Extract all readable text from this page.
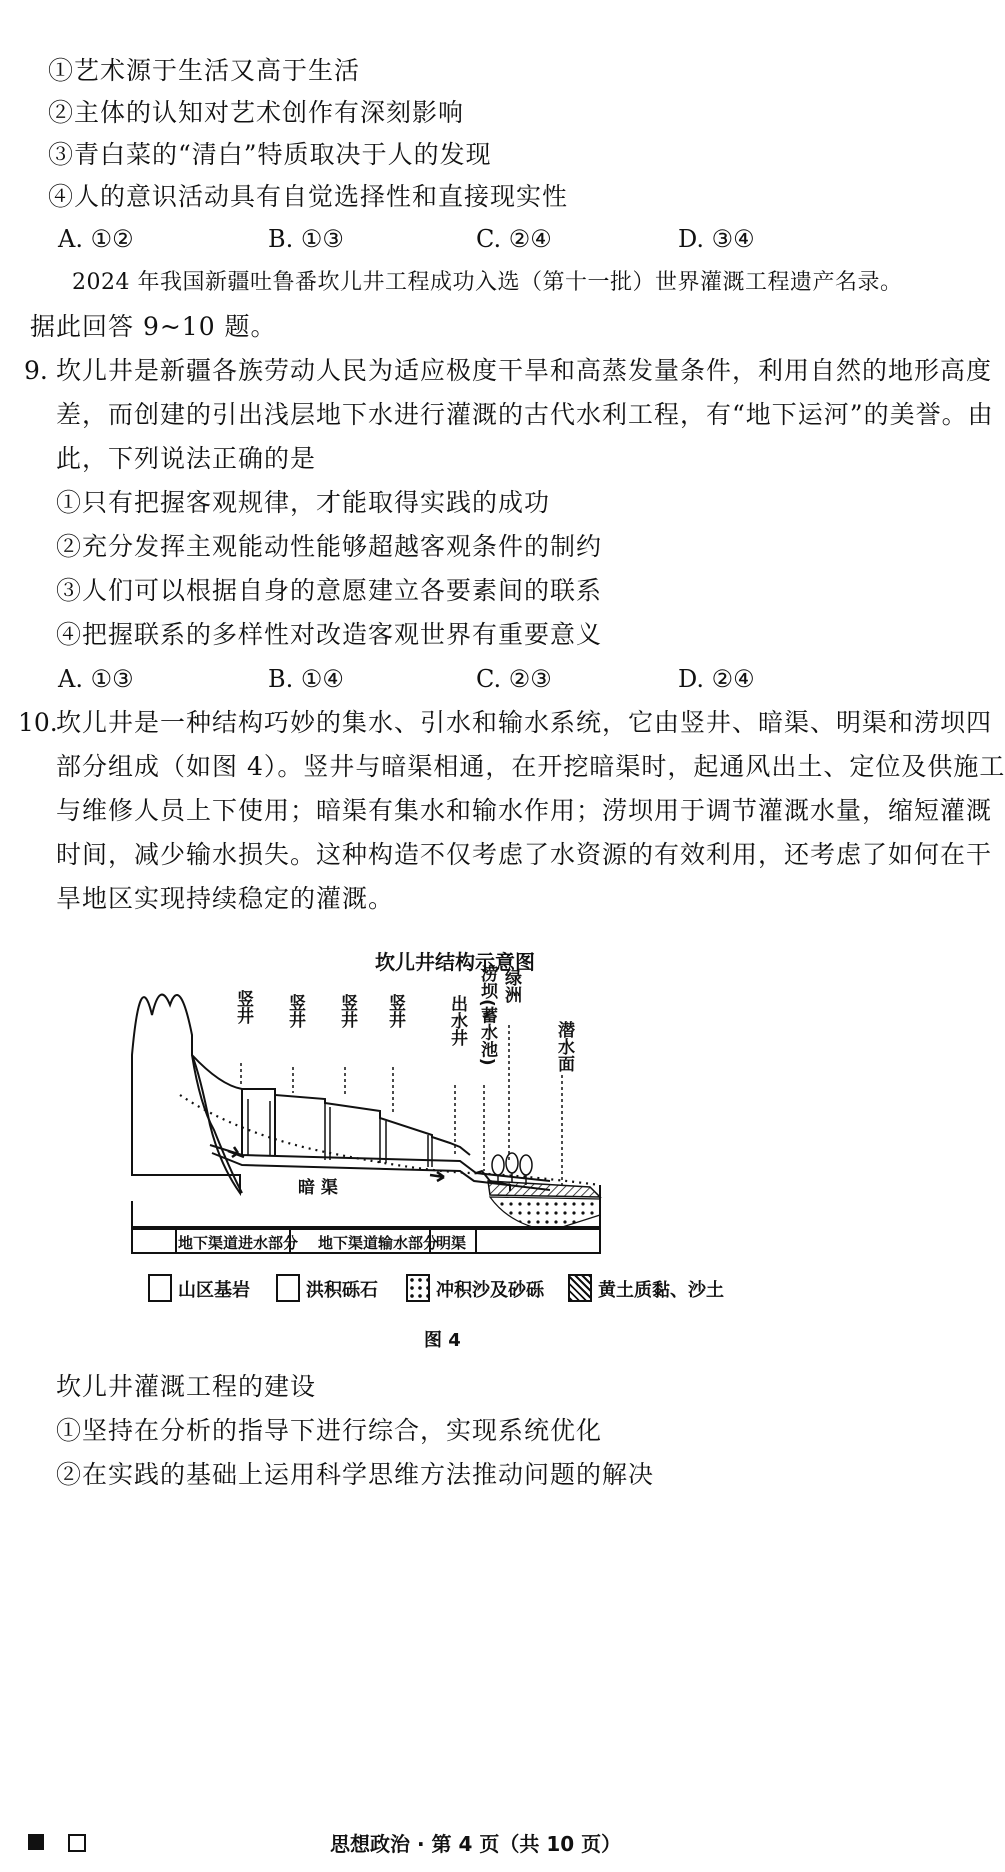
①艺术源于生活又高于生活
②主体的认知对艺术创作有深刻影响
③青白菜的“清白”特质取决于人的发现
④人的意识活动具有自觉选择性和直接现实性
A. ①②	B. ①③	C. ②④	D. ③④
2024 年我国新疆吐鲁番坎儿井工程成功入选（第十一批）世界灌溉工程遗产名录。
据此回答 9~10 题。
9. 坎儿井是新疆各族劳动人民为适应极度干旱和高蒸发量条件，利用自然的地形高度
差，而创建的引出浅层地下水进行灌溉的古代水利工程，有“地下运河”的美誉。由
此，下列说法正确的是
①只有把握客观规律，才能取得实践的成功
②充分发挥主观能动性能够超越客观条件的制约
③人们可以根据自身的意愿建立各要素间的联系
④把握联系的多样性对改造客观世界有重要意义
A. ①③	B. ①④	C. ②③	D. ②④
10.
坎儿井是一种结构巧妙的集水、引水和输水系统，它由竖井、暗渠、明渠和涝坝四
部分组成（如图 4）。竖井与暗渠相通，在开挖暗渠时，起通风出土、定位及供施工
与维修人员上下使用；暗渠有集水和输水作用；涝坝用于调节灌溉水量，缩短灌溉
时间，减少输水损失。这种构造不仅考虑了水资源的有效利用，还考虑了如何在干
旱地区实现持续稳定的灌溉。
坎儿井结构示意图
竖井 竖井 竖井 竖井 出水井 涝坝(蓄水池) 绿洲
潜水面
暗 渠
地下渠道进水部分 地下渠道输水部分
明渠
山区基岩	洪积砾石	冲积沙及砂砾	黄土质黏、沙土
图 4
坎儿井灌溉工程的建设
①坚持在分析的指导下进行综合，实现系统优化
②在实践的基础上运用科学思维方法推动问题的解决
思想政治 · 第 4 页（共 10 页）
